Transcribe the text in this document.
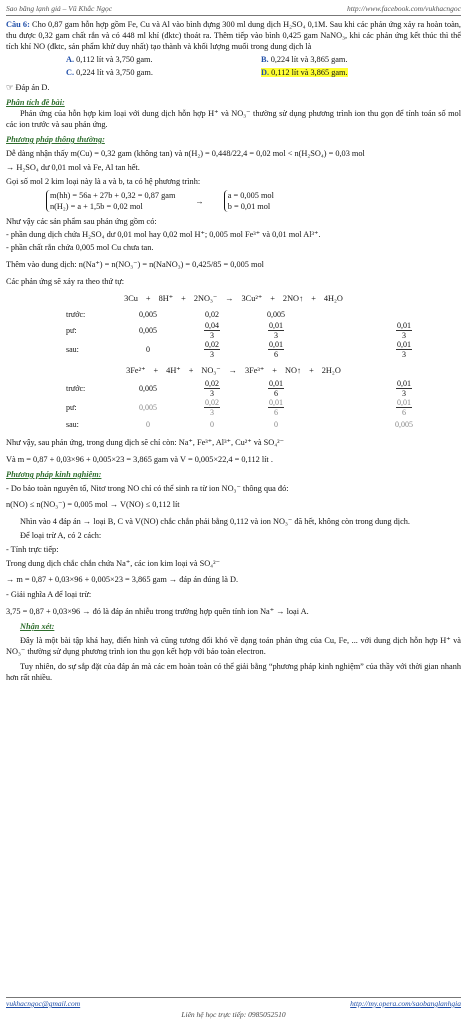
Sao băng lạnh giá – Vũ Khắc Ngọc	http://www.facebook.com/vukhacngoc

Câu 6: Cho 0,87 gam hỗn hợp gồm Fe, Cu và Al vào bình đựng 300 ml dung dịch H₂SO₄ 0,1M. Sau khi các phản ứng xảy ra hoàn toàn, thu được 0,32 gam chất rắn và có 448 ml khí (đktc) thoát ra. Thêm tiếp vào bình 0,425 gam NaNO₃, khi các phản ứng kết thúc thì thể tích khí NO (đktc, sản phẩm khử duy nhất) tạo thành và khối lượng muối trong dung dịch là

A. 0,112 lít và 3,750 gam.	B. 0,224 lít và 3,865 gam.
C. 0,224 lít và 3,750 gam.	D. 0,112 lít và 3,865 gam.

☞ Đáp án D.

Phân tích đề bài:

Phản ứng của hỗn hợp kim loại với dung dịch hỗn hợp H⁺ và NO₃⁻ thường sử dụng phương trình ion thu gọn để tính toán số mol các ion trước và sau phản ứng.

Phương pháp thông thường:

Dễ dàng nhận thấy m(Cu) = 0,32 gam (không tan) và n(H₂) = 0,448/22,4 = 0,02 mol < n(H₂SO₄) = 0,03 mol

→ H₂SO₄ dư 0,01 mol và Fe, Al tan hết.

Gọi số mol 2 kim loại này là a và b, ta có hệ phương trình:

m(hh) = 56a + 27b + 0,32 = 0,87 gam
n(H₂) = a + 1,5b = 0,02 mol
→
a = 0,005 mol
b = 0,01 mol

Như vậy các sản phẩm sau phản ứng gồm có:

- phần dung dịch chứa H₂SO₄ dư 0,01 mol hay 0,02 mol H⁺; 0,005 mol Fe³⁺ và 0,01 mol Al³⁺.

- phần chất rắn chứa 0,005 mol Cu chưa tan.

Thêm vào dung dịch: n(Na⁺) = n(NO₃⁻) = n(NaNO₃) = 0,425/85 = 0,005 mol

Các phản ứng sẽ xảy ra theo thứ tự:

3Cu + 8H⁺ + 2NO₃⁻ → 3Cu²⁺ + 2NO↑ + 4H₂O
trước:	0,005	0,02	0,005		
pư:	0,005	$\frac{0,04}{3}$	$\frac{0,01}{3}$		$\frac{0,01}{3}$

sau:	0	$\frac{0,02}{3}$	$\frac{0,01}{6}$		$\frac{0,01}{3}$
3Fe²⁺ + 4H⁺ + NO₃⁻ → 3Fe³⁺ + NO↑ + 2H₂O
trước:	0,005	$\frac{0,02}{3}$	$\frac{0,01}{6}$		$\frac{0,01}{3}$

pư:	0,005	$\frac{0,02}{3}$	$\frac{0,01}{6}$		$\frac{0,01}{6}$

sau:	0	0	0		0,005

Như vậy, sau phản ứng, trong dung dịch sẽ chỉ còn: Na⁺, Fe³⁺, Al³⁺, Cu²⁺ và SO₄²⁻

Và m = 0,87 + 0,03×96 + 0,005×23 = 3,865 gam và V = 0,005×22,4 = 0,112 lít .

Phương pháp kinh nghiệm:

- Do bảo toàn nguyên tố, Nitơ trong NO chỉ có thể sinh ra từ ion NO₃⁻ thông qua đó:

n(NO) ≤ n(NO₃⁻) = 0,005 mol → V(NO) ≤ 0,112 lít

Nhìn vào 4 đáp án → loại B, C và V(NO) chắc chắn phải bằng 0,112 và ion NO₃⁻ đã hết, không còn trong dung dịch.

Để loại trừ A, có 2 cách:

- Tính trực tiếp:

Trong dung dịch chắc chắn chứa Na⁺, các ion kim loại và SO₄²⁻

→ m = 0,87 + 0,03×96 + 0,005×23 = 3,865 gam → đáp án đúng là D.

- Giải nghĩa A để loại trừ:

3,75 = 0,87 + 0,03×96 → đó là đáp án nhiễu trong trường hợp quên tính ion Na⁺ → loại A.

Nhận xét:

Đây là một bài tập khá hay, điển hình và cũng tương đối khó về dạng toán phản ứng của Cu, Fe, ... với dung dịch hỗn hợp H⁺ và NO₃⁻ thường sử dụng phương trình ion thu gọn kết hợp với bảo toàn electron.

Tuy nhiên, do sự sắp đặt của đáp án mà các em hoàn toàn có thể giải bằng “phương pháp kinh nghiệm” của thầy với thời gian nhanh hơn rất nhiều.

vukhacngoc@gmail.com	http://my.opera.com/saobanglanhgia
Liên hệ học trực tiếp: 0985052510
